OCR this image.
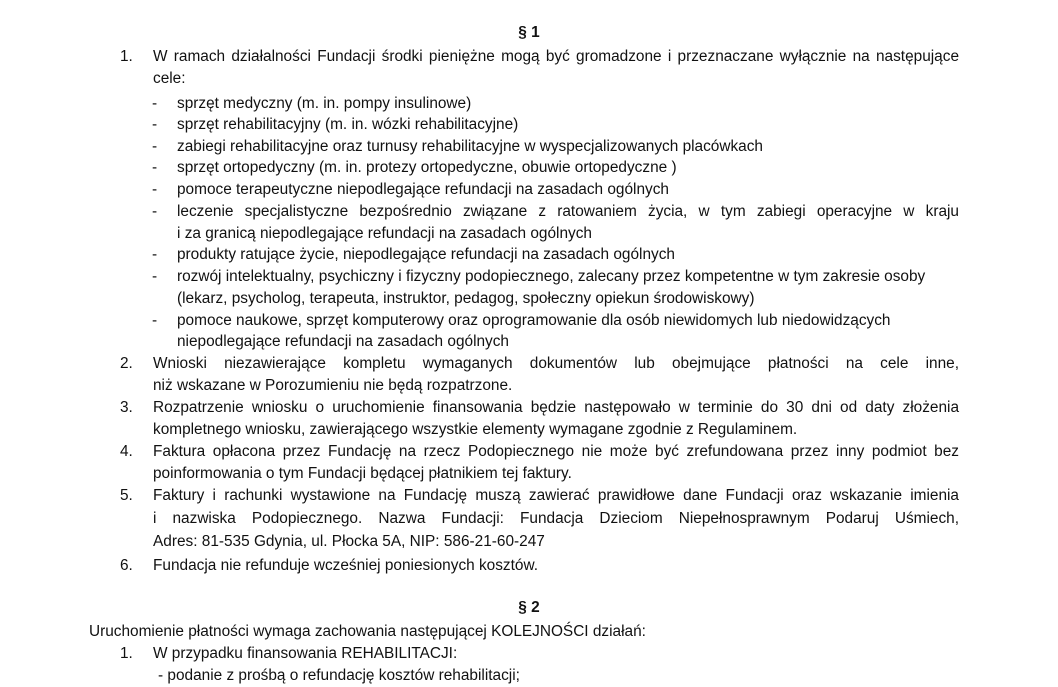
§ 1
1. W ramach działalności Fundacji środki pieniężne mogą być gromadzone i przeznaczane wyłącznie na następujące
cele:
- sprzęt medyczny (m. in. pompy insulinowe)
- sprzęt rehabilitacyjny (m. in. wózki rehabilitacyjne)
- zabiegi rehabilitacyjne oraz turnusy rehabilitacyjne w wyspecjalizowanych placówkach
- sprzęt ortopedyczny (m. in. protezy ortopedyczne, obuwie ortopedyczne )
- pomoce terapeutyczne niepodlegające refundacji na zasadach ogólnych
- leczenie specjalistyczne bezpośrednio związane z ratowaniem życia, w tym zabiegi operacyjne w kraju
i za granicą niepodlegające refundacji na zasadach ogólnych
- produkty ratujące życie, niepodlegające refundacji na zasadach ogólnych
- rozwój intelektualny, psychiczny i fizyczny podopiecznego, zalecany przez kompetentne w tym zakresie osoby
(lekarz, psycholog, terapeuta, instruktor, pedagog, społeczny opiekun środowiskowy)
- pomoce naukowe, sprzęt komputerowy oraz oprogramowanie dla osób niewidomych lub niedowidzących
niepodlegające refundacji na zasadach ogólnych
2. Wnioski niezawierające kompletu wymaganych dokumentów lub obejmujące płatności na cele inne,
niż wskazane w Porozumieniu nie będą rozpatrzone.
3. Rozpatrzenie wniosku o uruchomienie finansowania będzie następowało w terminie do 30 dni od daty złożenia
kompletnego wniosku, zawierającego wszystkie elementy wymagane zgodnie z Regulaminem.
4. Faktura opłacona przez Fundację na rzecz Podopiecznego nie może być zrefundowana przez inny podmiot bez
poinformowania o tym Fundacji będącej płatnikiem tej faktury.
5. Faktury i rachunki wystawione na Fundację muszą zawierać prawidłowe dane Fundacji oraz wskazanie imienia
i nazwiska Podopiecznego. Nazwa Fundacji: Fundacja Dzieciom Niepełnosprawnym Podaruj Uśmiech,
Adres: 81-535 Gdynia, ul. Płocka 5A, NIP: 586-21-60-247
6. Fundacja nie refunduje wcześniej poniesionych kosztów.
§ 2
Uruchomienie płatności wymaga zachowania następującej KOLEJNOŚCI działań:
1. W przypadku finansowania REHABILITACJI:
- podanie z prośbą o refundację kosztów rehabilitacji;
